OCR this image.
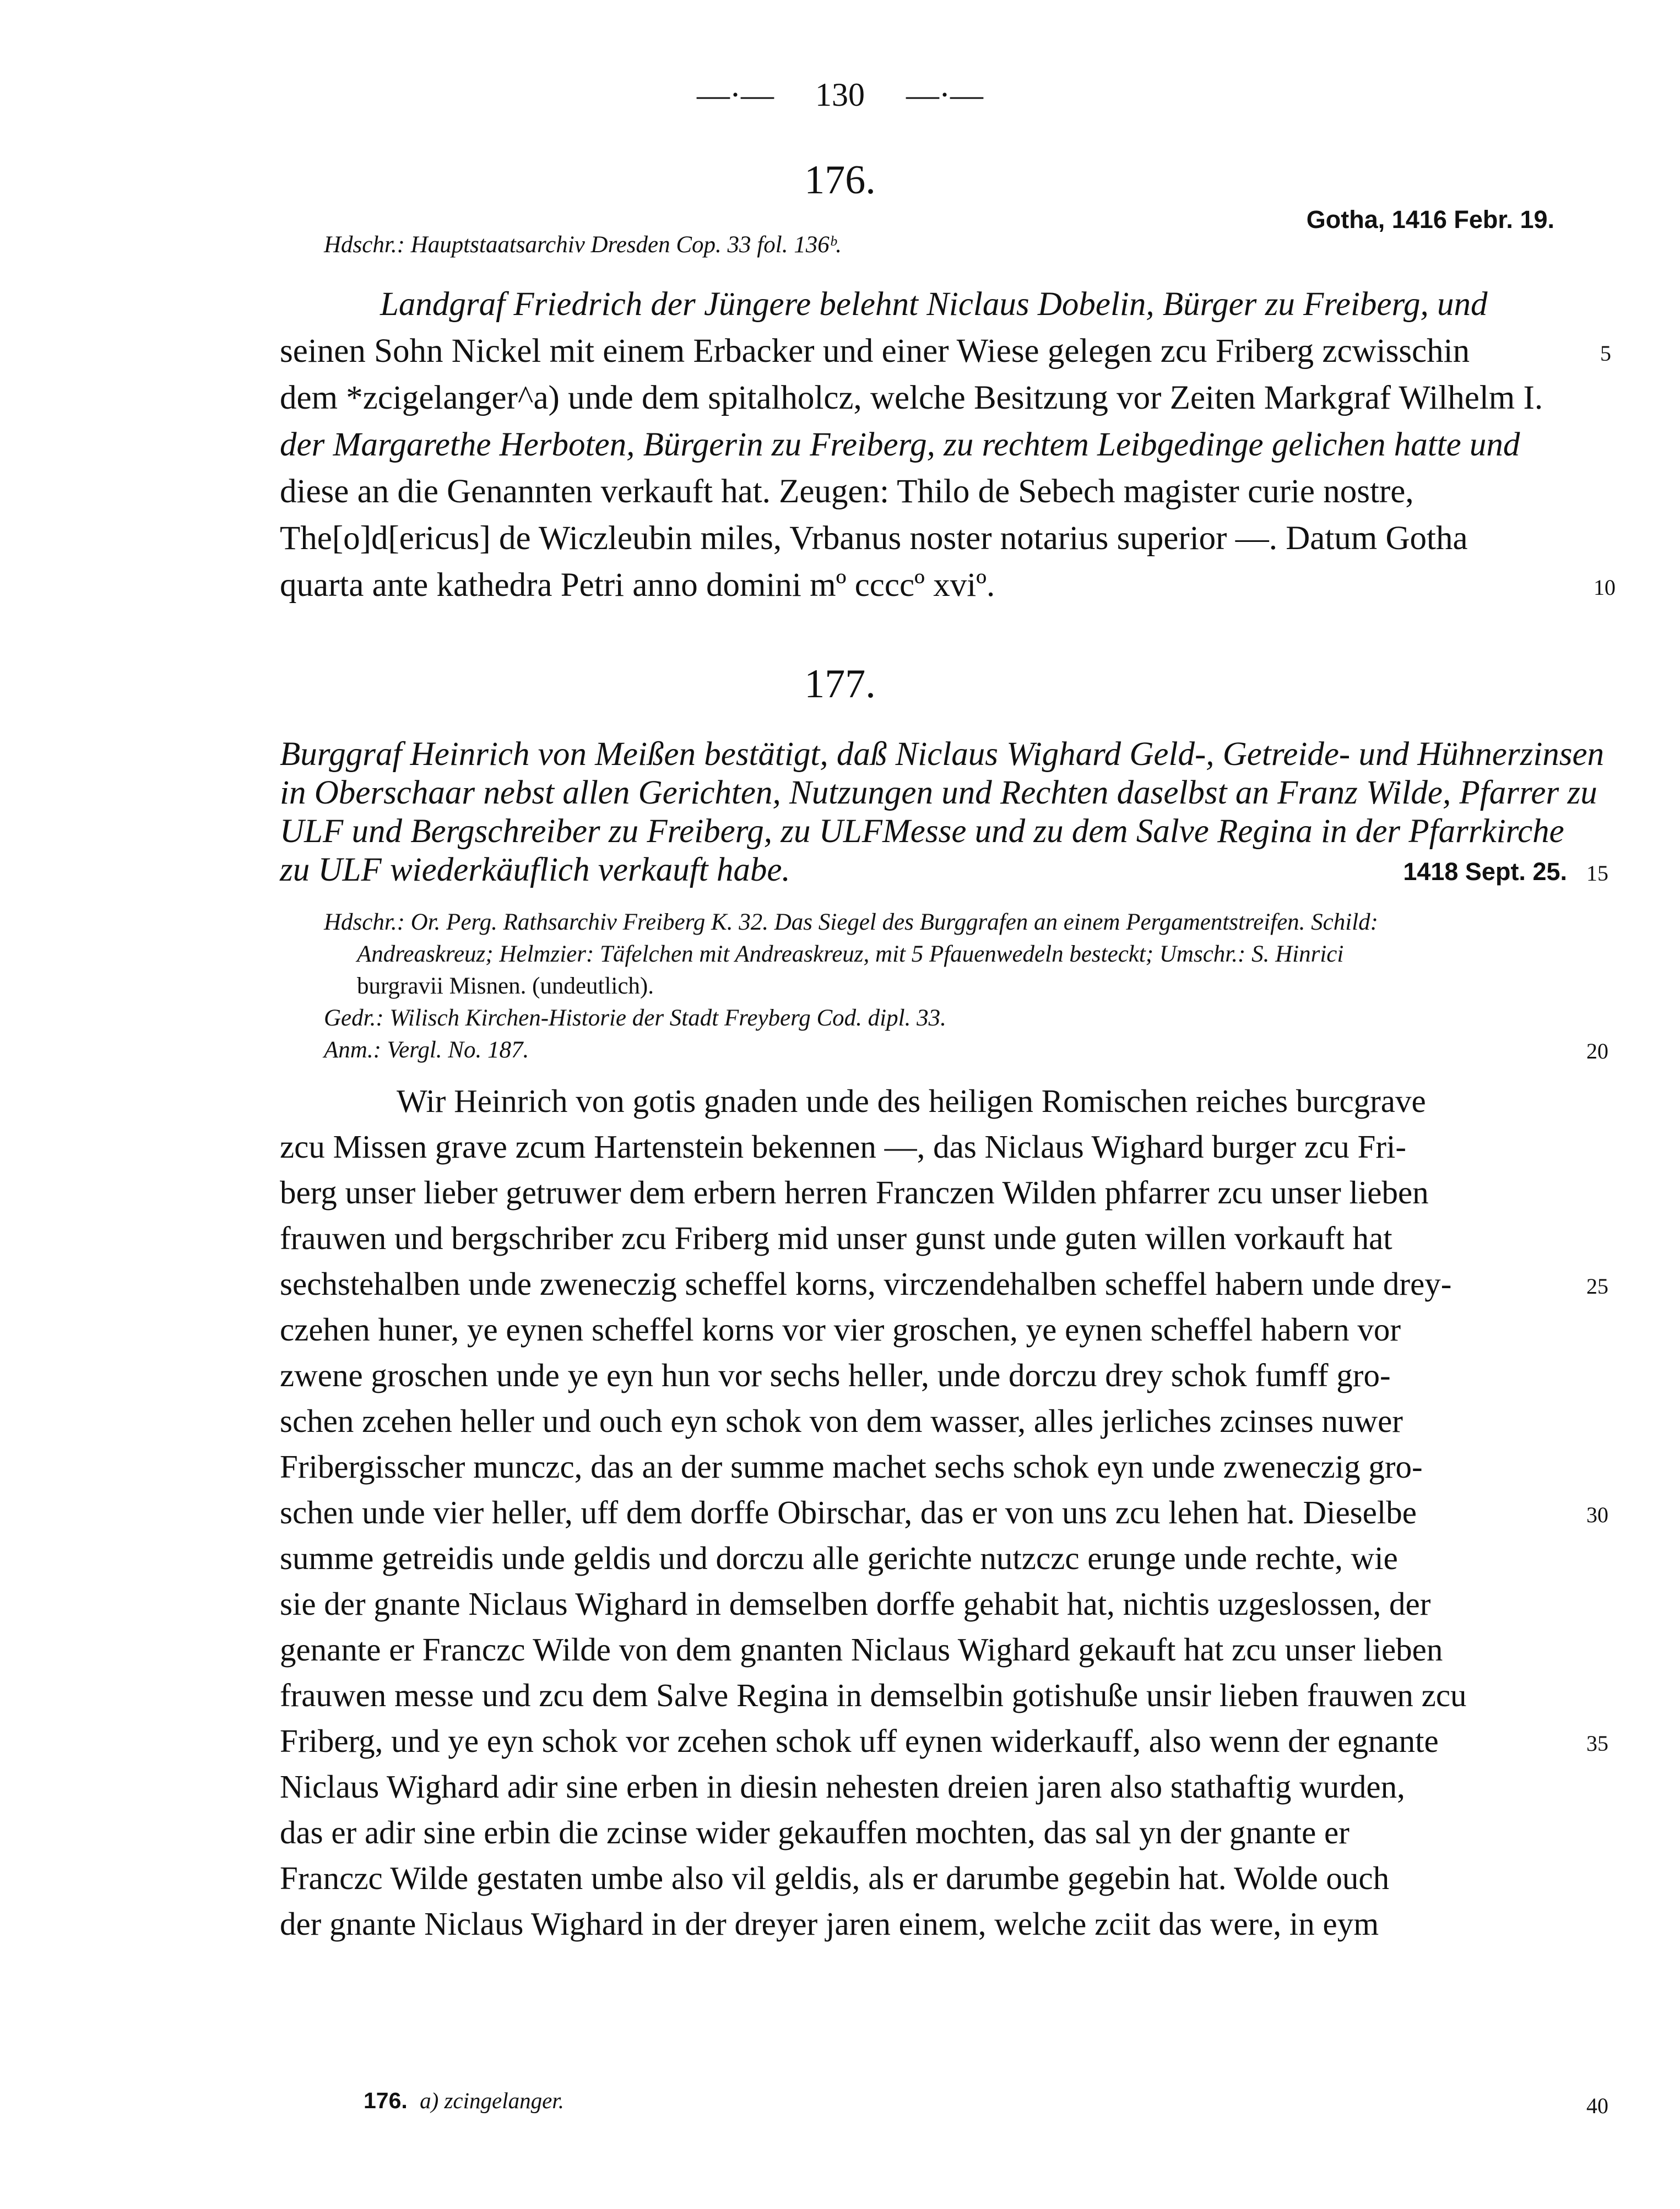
—·— 130 —·—
176.
Gotha, 1416 Febr. 19.
Hdschr.: Hauptstaatsarchiv Dresden Cop. 33 fol. 136ᵇ.
Landgraf Friedrich der Jüngere belehnt Niclaus Dobelin, Bürger zu Freiberg, und
seinen Sohn Nickel mit einem Erbacker und einer Wiese gelegen zcu Friberg zcwisschin
dem *zcigelanger^a) unde dem spitalholcz, welche Besitzung vor Zeiten Markgraf Wilhelm I.
der Margarethe Herboten, Bürgerin zu Freiberg, zu rechtem Leibgedinge gelichen hatte und
diese an die Genannten verkauft hat. Zeugen: Thilo de Sebech magister curie nostre,
The[o]d[ericus] de Wiczleubin miles, Vrbanus noster notarius superior —. Datum Gotha
quarta ante kathedra Petri anno domini mº ccccº xviº.
5
10
177.
Burggraf Heinrich von Meißen bestätigt, daß Niclaus Wighard Geld-, Getreide- und Hühnerzinsen
in Oberschaar nebst allen Gerichten, Nutzungen und Rechten daselbst an Franz Wilde, Pfarrer zu
ULF und Bergschreiber zu Freiberg, zu ULFMesse und zu dem Salve Regina in der Pfarrkirche
zu ULF wiederkäuflich verkauft habe.	1418 Sept. 25.
Hdschr.: Or. Perg. Rathsarchiv Freiberg K. 32. Das Siegel des Burggrafen an einem Pergamentstreifen. Schild:
Andreaskreuz; Helmzier: Täfelchen mit Andreaskreuz, mit 5 Pfauenwedeln besteckt; Umschr.: S. Hinrici
burgravii Misnen. (undeutlich).
Gedr.: Wilisch Kirchen-Historie der Stadt Freyberg Cod. dipl. 33.
Anm.: Vergl. No. 187.
Wir Heinrich von gotis gnaden unde des heiligen Romischen reiches burcgrave
zcu Missen grave zcum Hartenstein bekennen —, das Niclaus Wighard burger zcu Fri-
berg unser lieber getruwer dem erbern herren Franczen Wilden phfarrer zcu unser lieben
frauwen und bergschriber zcu Friberg mid unser gunst unde guten willen vorkauft hat
sechstehalben unde zweneczig scheffel korns, virczendehalben scheffel habern unde drey-
czehen huner, ye eynen scheffel korns vor vier groschen, ye eynen scheffel habern vor
zwene groschen unde ye eyn hun vor sechs heller, unde dorczu drey schok fumff gro-
schen zcehen heller und ouch eyn schok von dem wasser, alles jerliches zcinses nuwer
Fribergisscher munczc, das an der summe machet sechs schok eyn unde zweneczig gro-
schen unde vier heller, uff dem dorffe Obirschar, das er von uns zcu lehen hat. Dieselbe
summe getreidis unde geldis und dorczu alle gerichte nutzczc erunge unde rechte, wie
sie der gnante Niclaus Wighard in demselben dorffe gehabit hat, nichtis uzgeslossen, der
genante er Franczc Wilde von dem gnanten Niclaus Wighard gekauft hat zcu unser lieben
frauwen messe und zcu dem Salve Regina in demselbin gotishuße unsir lieben frauwen zcu
Friberg, und ye eyn schok vor zcehen schok uff eynen widerkauff, also wenn der egnante
Niclaus Wighard adir sine erben in diesin nehesten dreien jaren also stathaftig wurden,
das er adir sine erbin die zcinse wider gekauffen mochten, das sal yn der gnante er
Franczc Wilde gestaten umbe also vil geldis, als er darumbe gegebin hat. Wolde ouch
der gnante Niclaus Wighard in der dreyer jaren einem, welche zciit das were, in eym
15
20
25
30
35
40
176. a) zcingelanger.
